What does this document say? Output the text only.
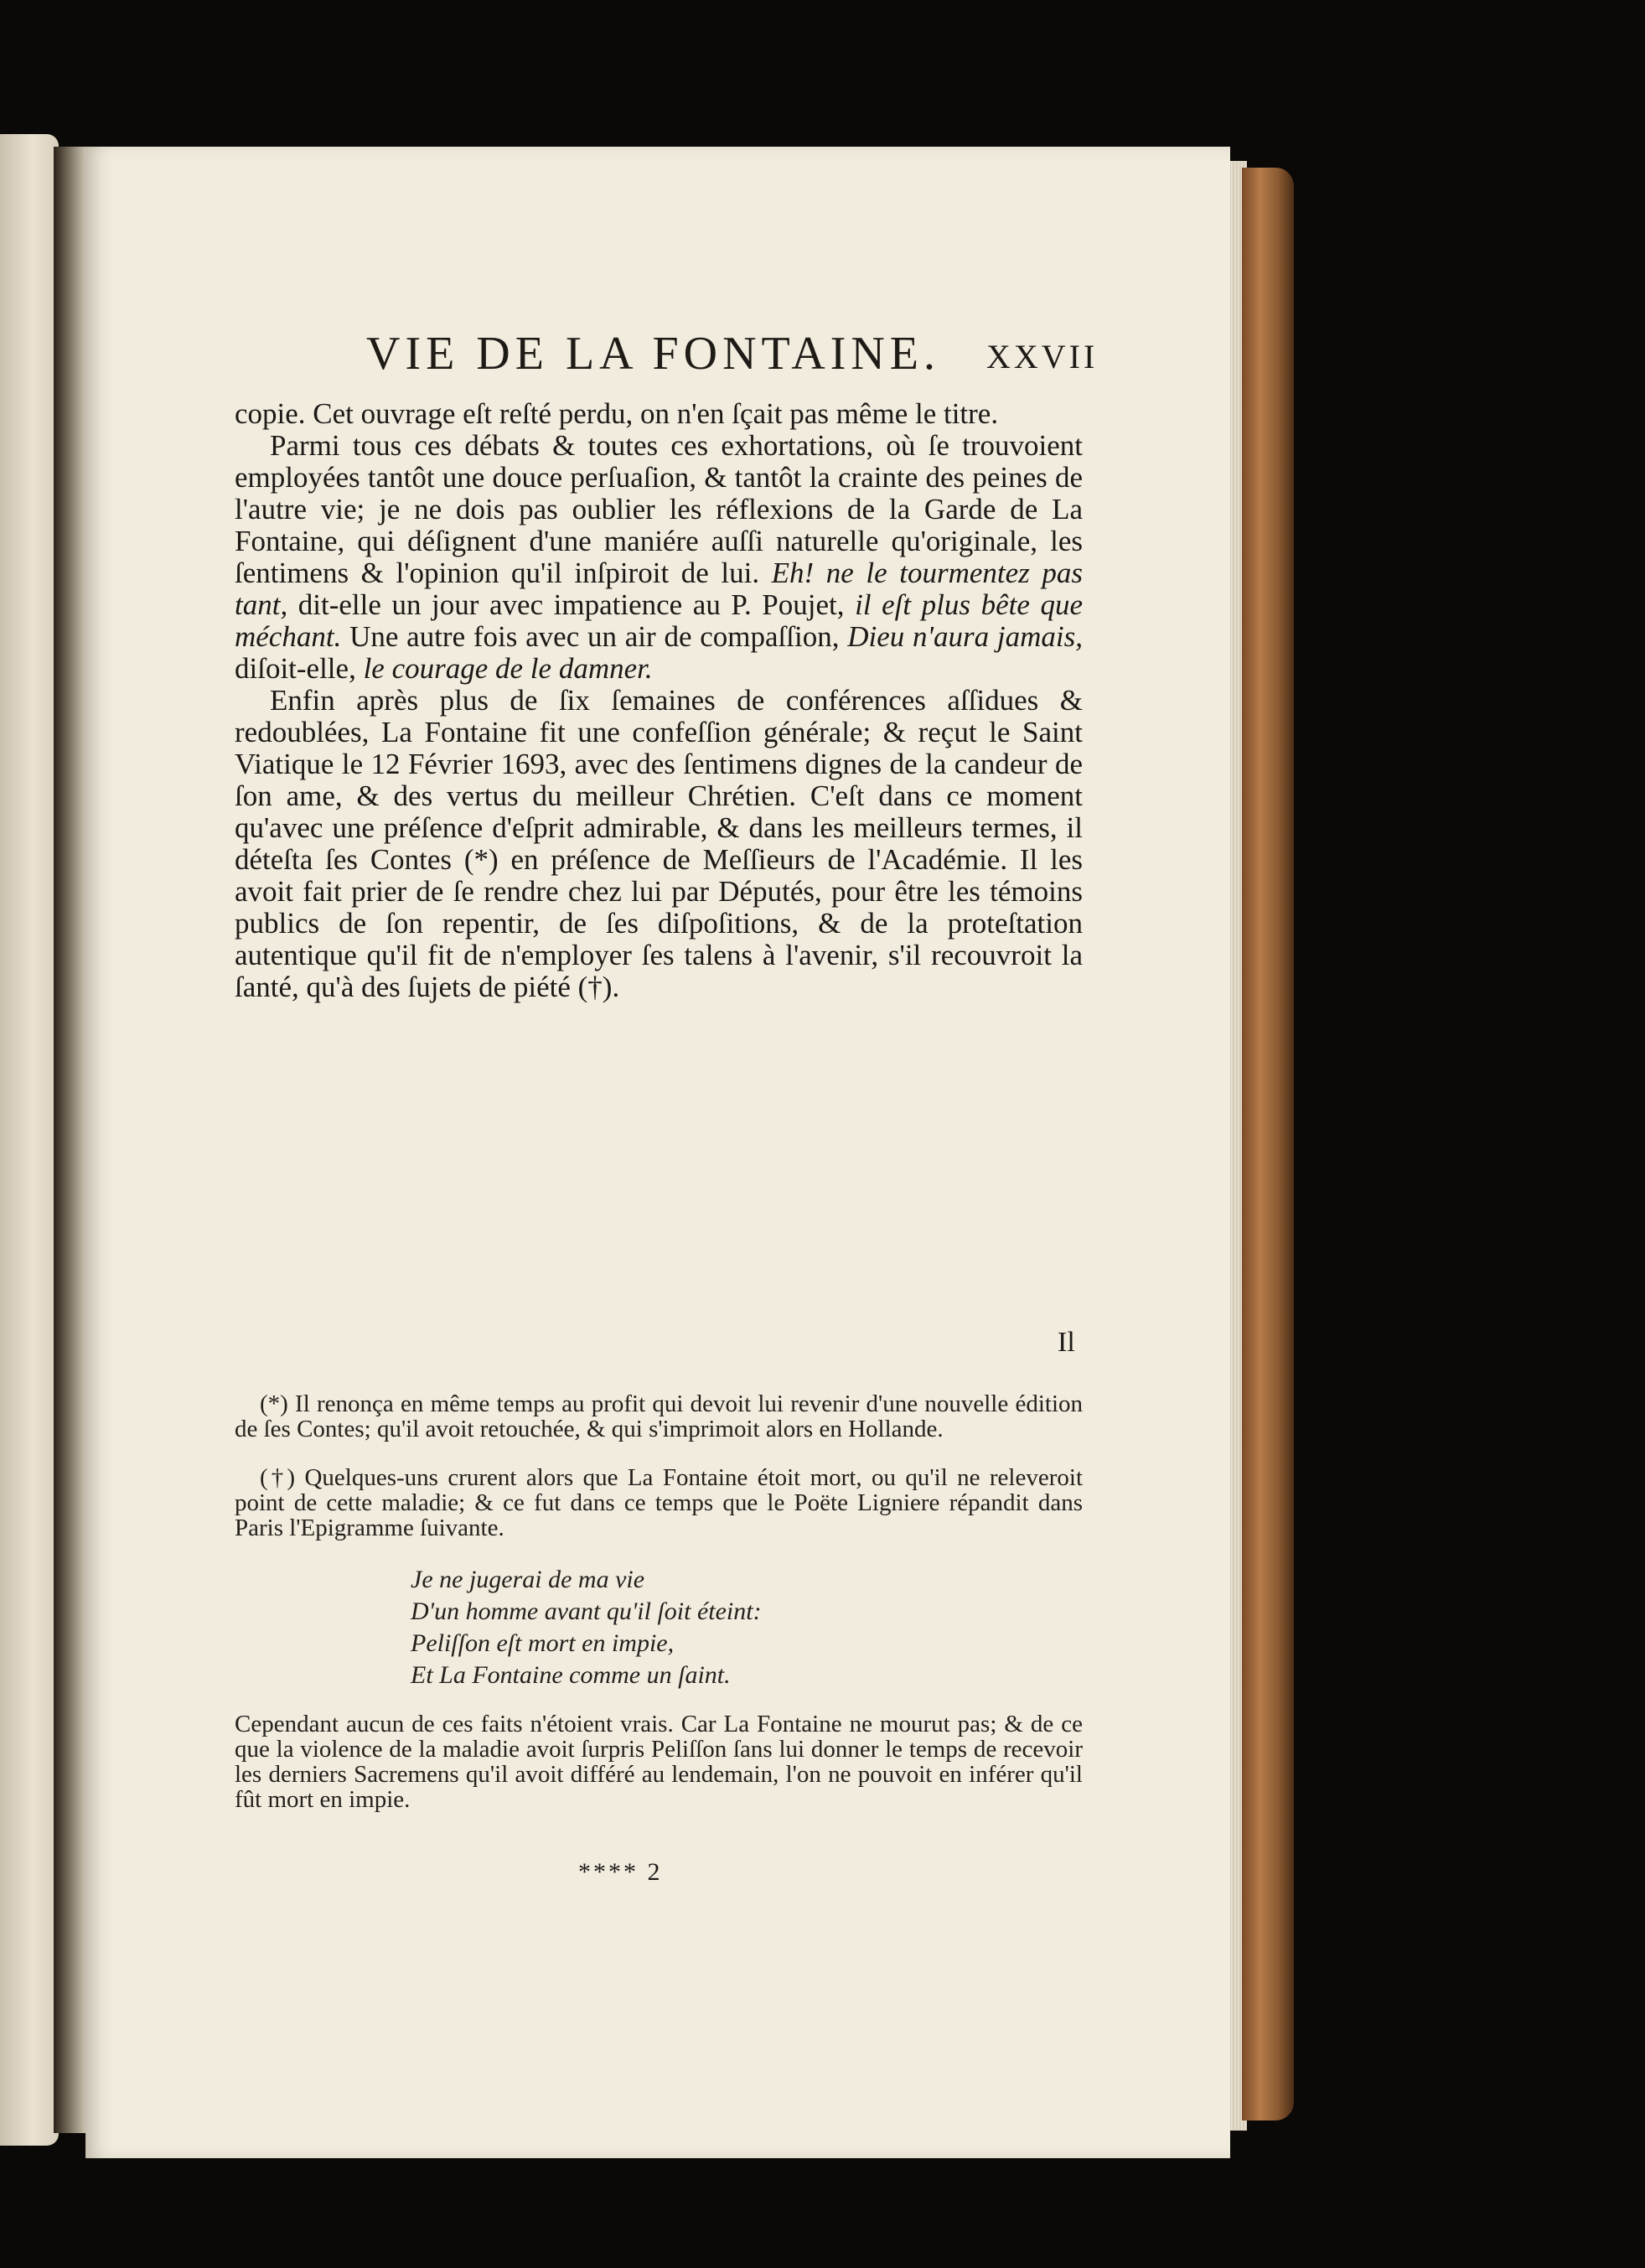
VIE DE LA FONTAINE. XXVII

copie. Cet ouvrage eſt reſté perdu, on n'en ſçait pas même le titre.

Parmi tous ces débats & toutes ces exhortations, où ſe trouvoient employées tantôt une douce perſuaſion, & tantôt la crainte des peines de l'autre vie; je ne dois pas oublier les réflexions de la Garde de La Fontaine, qui déſignent d'une maniére auſſi naturelle qu'originale, les ſentimens & l'opinion qu'il inſpiroit de lui. Eh! ne le tourmentez pas tant, dit-elle un jour avec impatience au P. Poujet, il eſt plus bête que méchant. Une autre fois avec un air de compaſſion, Dieu n'aura jamais, diſoit-elle, le courage de le damner.

Enfin après plus de ſix ſemaines de conférences aſſidues & redoublées, La Fontaine fit une confeſſion générale; & reçut le Saint Viatique le 12 Février 1693, avec des ſentimens dignes de la candeur de ſon ame, & des vertus du meilleur Chrétien. C'eſt dans ce moment qu'avec une préſence d'eſprit admirable, & dans les meilleurs termes, il déteſta ſes Contes (*) en préſence de Meſſieurs de l'Académie. Il les avoit fait prier de ſe rendre chez lui par Députés, pour être les témoins publics de ſon repentir, de ſes diſpoſitions, & de la proteſtation autentique qu'il fit de n'employer ſes talens à l'avenir, s'il recouvroit la ſanté, qu'à des ſujets de piété (†).

Il

(*) Il renonça en même temps au profit qui devoit lui revenir d'une nouvelle édition de ſes Contes; qu'il avoit retouchée, & qui s'imprimoit alors en Hollande.

(†) Quelques-uns crurent alors que La Fontaine étoit mort, ou qu'il ne releveroit point de cette maladie; & ce fut dans ce temps que le Poëte Ligniere répandit dans Paris l'Epigramme ſuivante.

Je ne jugerai de ma vie
D'un homme avant qu'il ſoit éteint:
Peliſſon eſt mort en impie,
Et La Fontaine comme un ſaint.

Cependant aucun de ces faits n'étoient vrais. Car La Fontaine ne mourut pas; & de ce que la violence de la maladie avoit ſurpris Peliſſon ſans lui donner le temps de recevoir les derniers Sacremens qu'il avoit différé au lendemain, l'on ne pouvoit en inférer qu'il fût mort en impie.

**** 2
